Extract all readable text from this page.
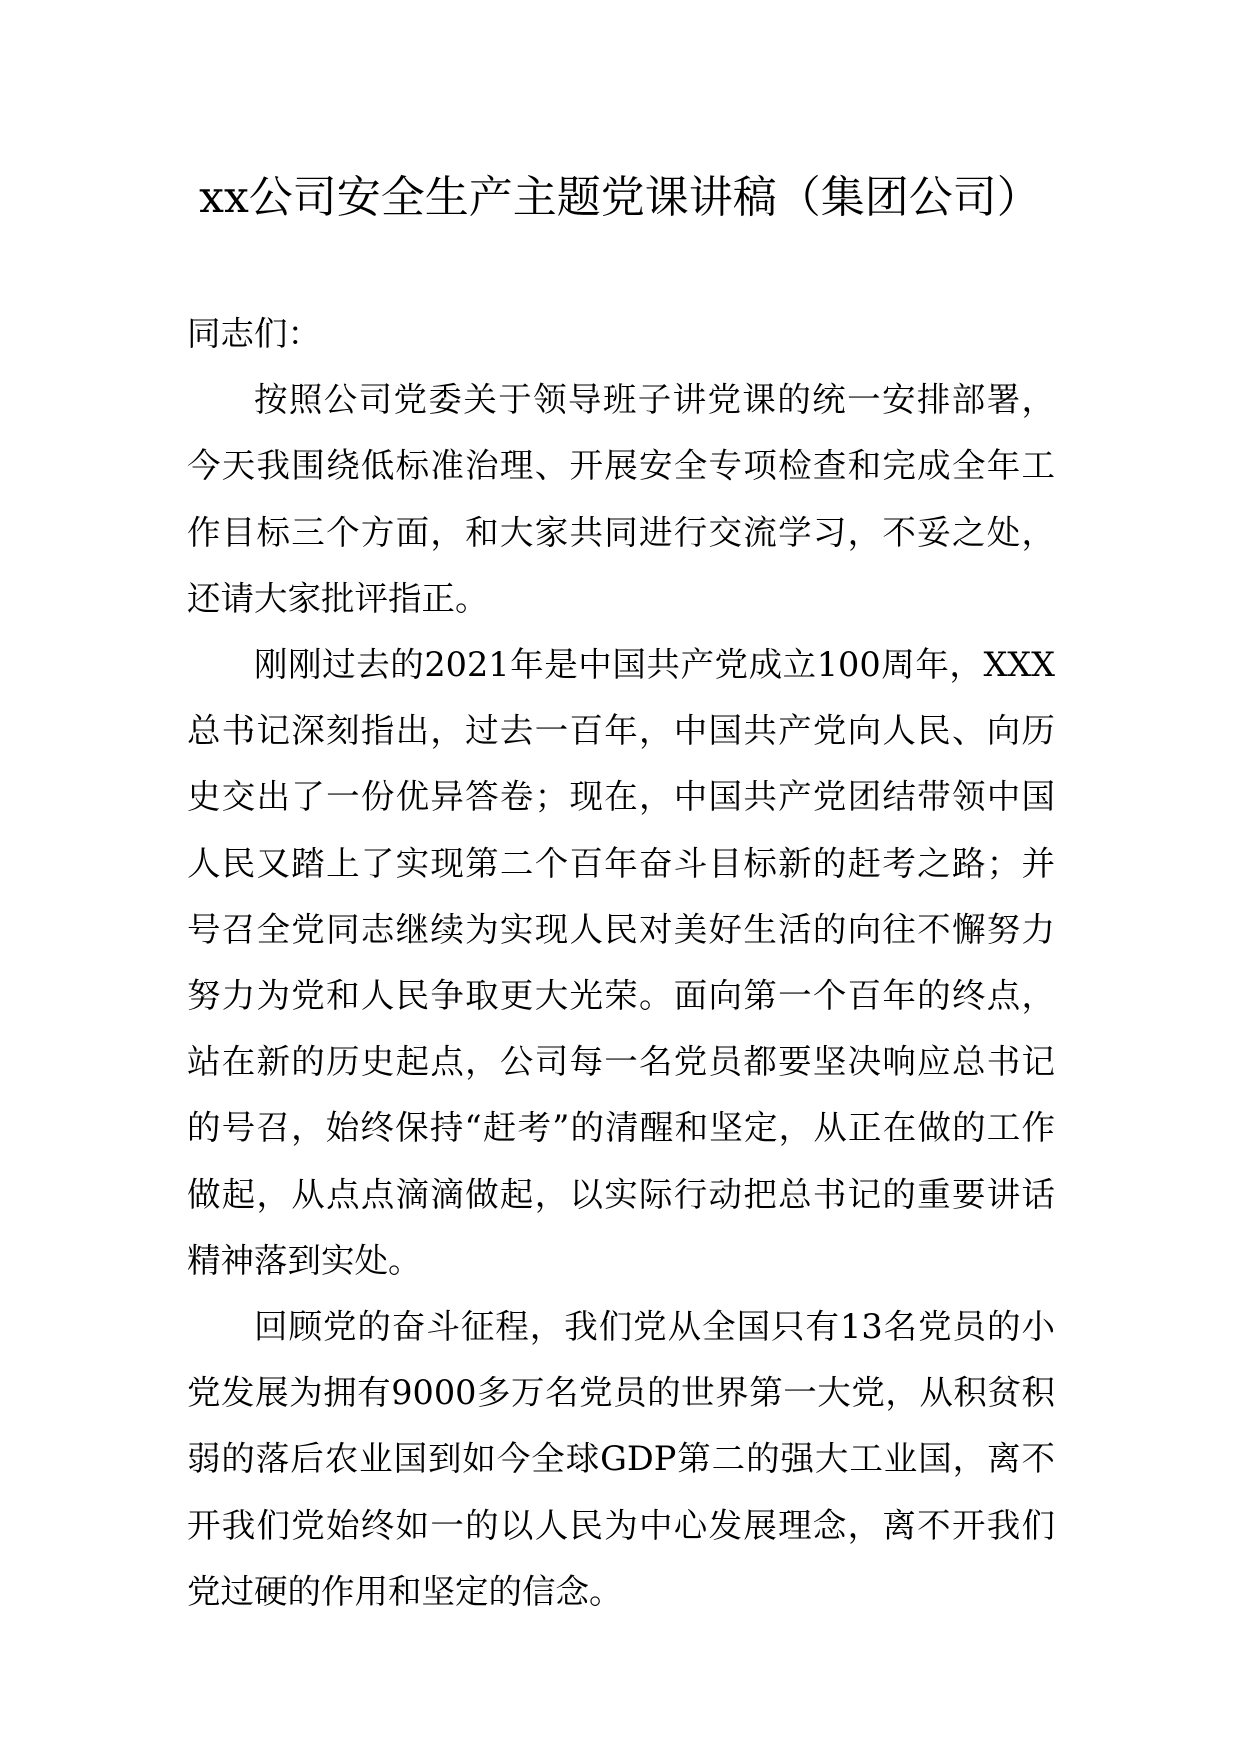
xx公司安全生产主题党课讲稿（集团公司）

同志们：

按照公司党委关于领导班子讲党课的统一安排部署，今天我围绕低标准治理、开展安全专项检查和完成全年工作目标三个方面，和大家共同进行交流学习，不妥之处，还请大家批评指正。

刚刚过去的2021年是中国共产党成立100周年，XXX总书记深刻指出，过去一百年，中国共产党向人民、向历史交出了一份优异答卷；现在，中国共产党团结带领中国人民又踏上了实现第二个百年奋斗目标新的赶考之路；并号召全党同志继续为实现人民对美好生活的向往不懈努力努力为党和人民争取更大光荣。面向第一个百年的终点，站在新的历史起点，公司每一名党员都要坚决响应总书记的号召，始终保持“赶考”的清醒和坚定，从正在做的工作做起，从点点滴滴做起，以实际行动把总书记的重要讲话精神落到实处。

回顾党的奋斗征程，我们党从全国只有13名党员的小党发展为拥有9000多万名党员的世界第一大党，从积贫积弱的落后农业国到如今全球GDP第二的强大工业国，离不开我们党始终如一的以人民为中心发展理念，离不开我们党过硬的作用和坚定的信念。
